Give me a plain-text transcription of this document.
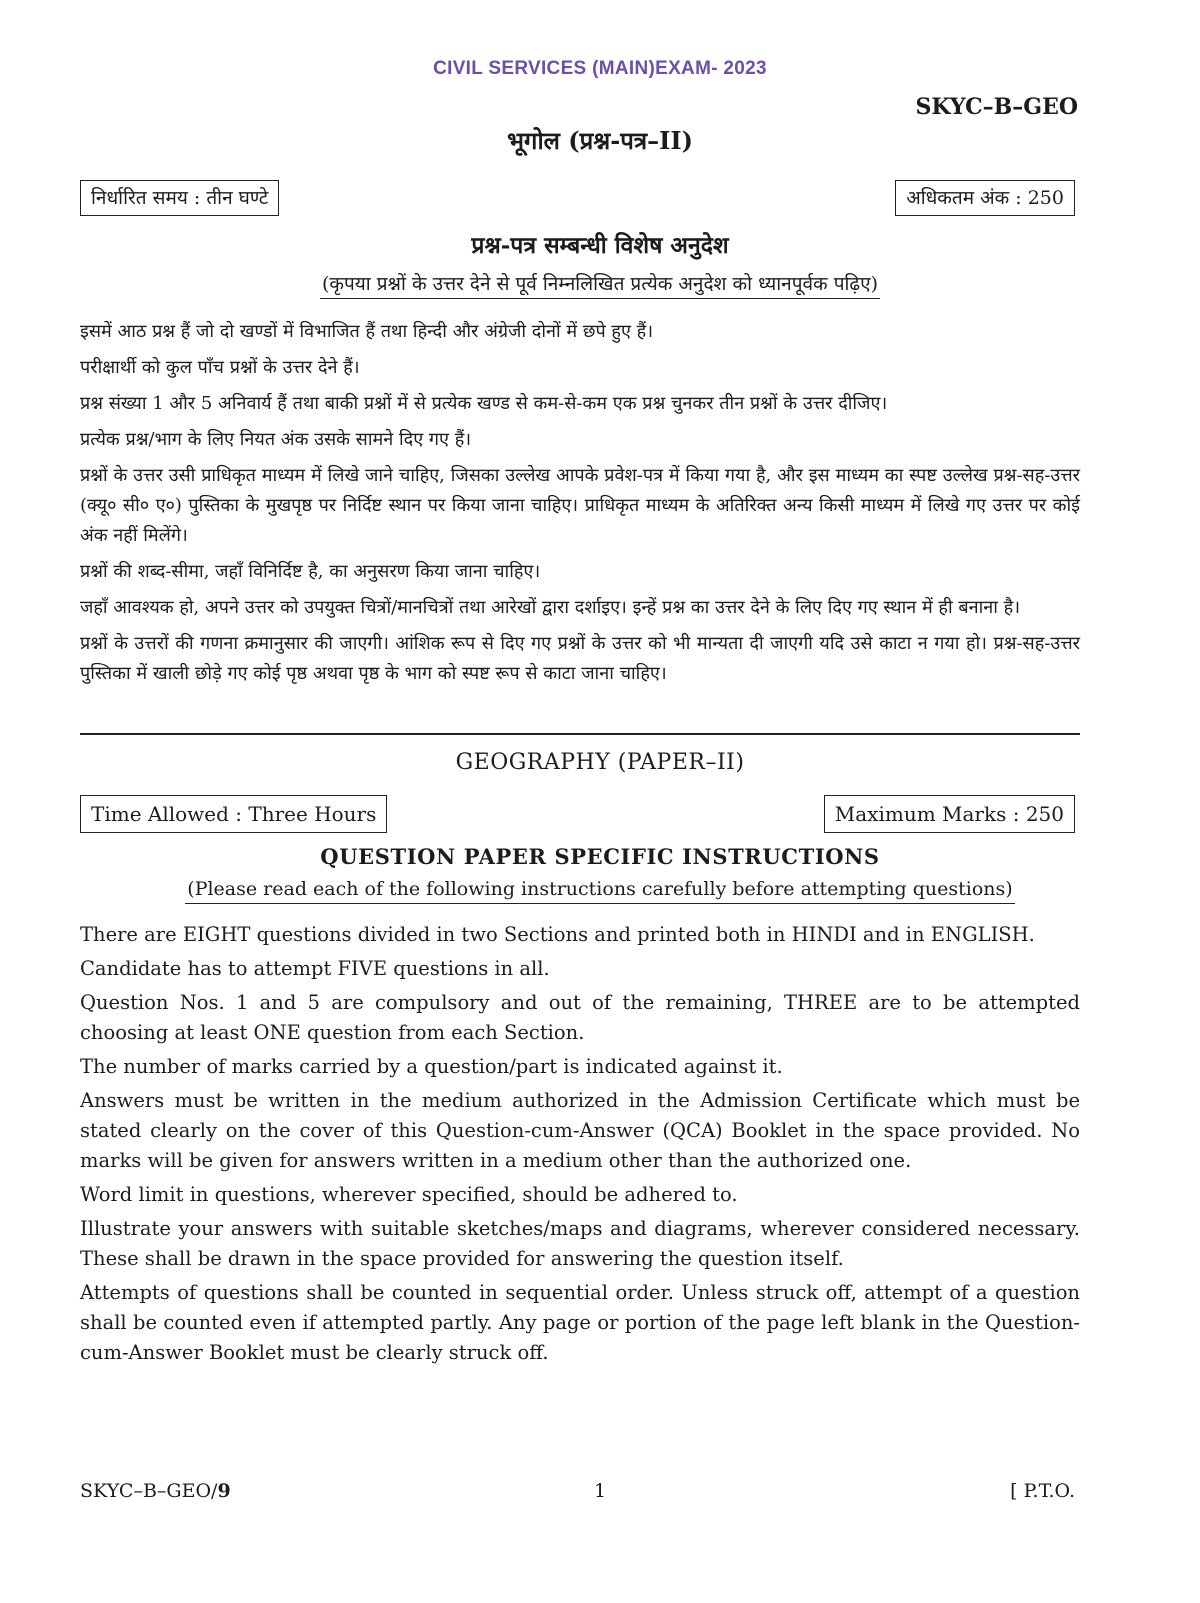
CIVIL SERVICES (MAIN)EXAM- 2023
SKYC–B–GEO
भूगोल (प्रश्न-पत्र–II)
निर्धारित समय : तीन घण्टे	अधिकतम अंक : 250
प्रश्न-पत्र सम्बन्धी विशेष अनुदेश
(कृपया प्रश्नों के उत्तर देने से पूर्व निम्नलिखित प्रत्येक अनुदेश को ध्यानपूर्वक पढ़िए)

इसमें आठ प्रश्न हैं जो दो खण्डों में विभाजित हैं तथा हिन्दी और अंग्रेजी दोनों में छपे हुए हैं।

परीक्षार्थी को कुल पाँच प्रश्नों के उत्तर देने हैं।

प्रश्न संख्या 1 और 5 अनिवार्य हैं तथा बाकी प्रश्नों में से प्रत्येक खण्ड से कम-से-कम एक प्रश्न चुनकर तीन प्रश्नों के उत्तर दीजिए।

प्रत्येक प्रश्न/भाग के लिए नियत अंक उसके सामने दिए गए हैं।

प्रश्नों के उत्तर उसी प्राधिकृत माध्यम में लिखे जाने चाहिए, जिसका उल्लेख आपके प्रवेश-पत्र में किया गया है, और इस माध्यम का स्पष्ट उल्लेख प्रश्न-सह-उत्तर (क्यू० सी० ए०) पुस्तिका के मुखपृष्ठ पर निर्दिष्ट स्थान पर किया जाना चाहिए। प्राधिकृत माध्यम के अतिरिक्त अन्य किसी माध्यम में लिखे गए उत्तर पर कोई अंक नहीं मिलेंगे।

प्रश्नों की शब्द-सीमा, जहाँ विनिर्दिष्ट है, का अनुसरण किया जाना चाहिए।

जहाँ आवश्यक हो, अपने उत्तर को उपयुक्त चित्रों/मानचित्रों तथा आरेखों द्वारा दर्शाइए। इन्हें प्रश्न का उत्तर देने के लिए दिए गए स्थान में ही बनाना है।

प्रश्नों के उत्तरों की गणना क्रमानुसार की जाएगी। आंशिक रूप से दिए गए प्रश्नों के उत्तर को भी मान्यता दी जाएगी यदि उसे काटा न गया हो। प्रश्न-सह-उत्तर पुस्तिका में खाली छोड़े गए कोई पृष्ठ अथवा पृष्ठ के भाग को स्पष्ट रूप से काटा जाना चाहिए।

GEOGRAPHY (PAPER–II)
Time Allowed : Three Hours	Maximum Marks : 250
QUESTION PAPER SPECIFIC INSTRUCTIONS
(Please read each of the following instructions carefully before attempting questions)

There are EIGHT questions divided in two Sections and printed both in HINDI and in ENGLISH.

Candidate has to attempt FIVE questions in all.

Question Nos. 1 and 5 are compulsory and out of the remaining, THREE are to be attempted choosing at least ONE question from each Section.

The number of marks carried by a question/part is indicated against it.

Answers must be written in the medium authorized in the Admission Certificate which must be stated clearly on the cover of this Question-cum-Answer (QCA) Booklet in the space provided. No marks will be given for answers written in a medium other than the authorized one.

Word limit in questions, wherever specified, should be adhered to.

Illustrate your answers with suitable sketches/maps and diagrams, wherever considered necessary. These shall be drawn in the space provided for answering the question itself.

Attempts of questions shall be counted in sequential order. Unless struck off, attempt of a question shall be counted even if attempted partly. Any page or portion of the page left blank in the Question-cum-Answer Booklet must be clearly struck off.

SKYC–B–GEO/9	1	[ P.T.O.
